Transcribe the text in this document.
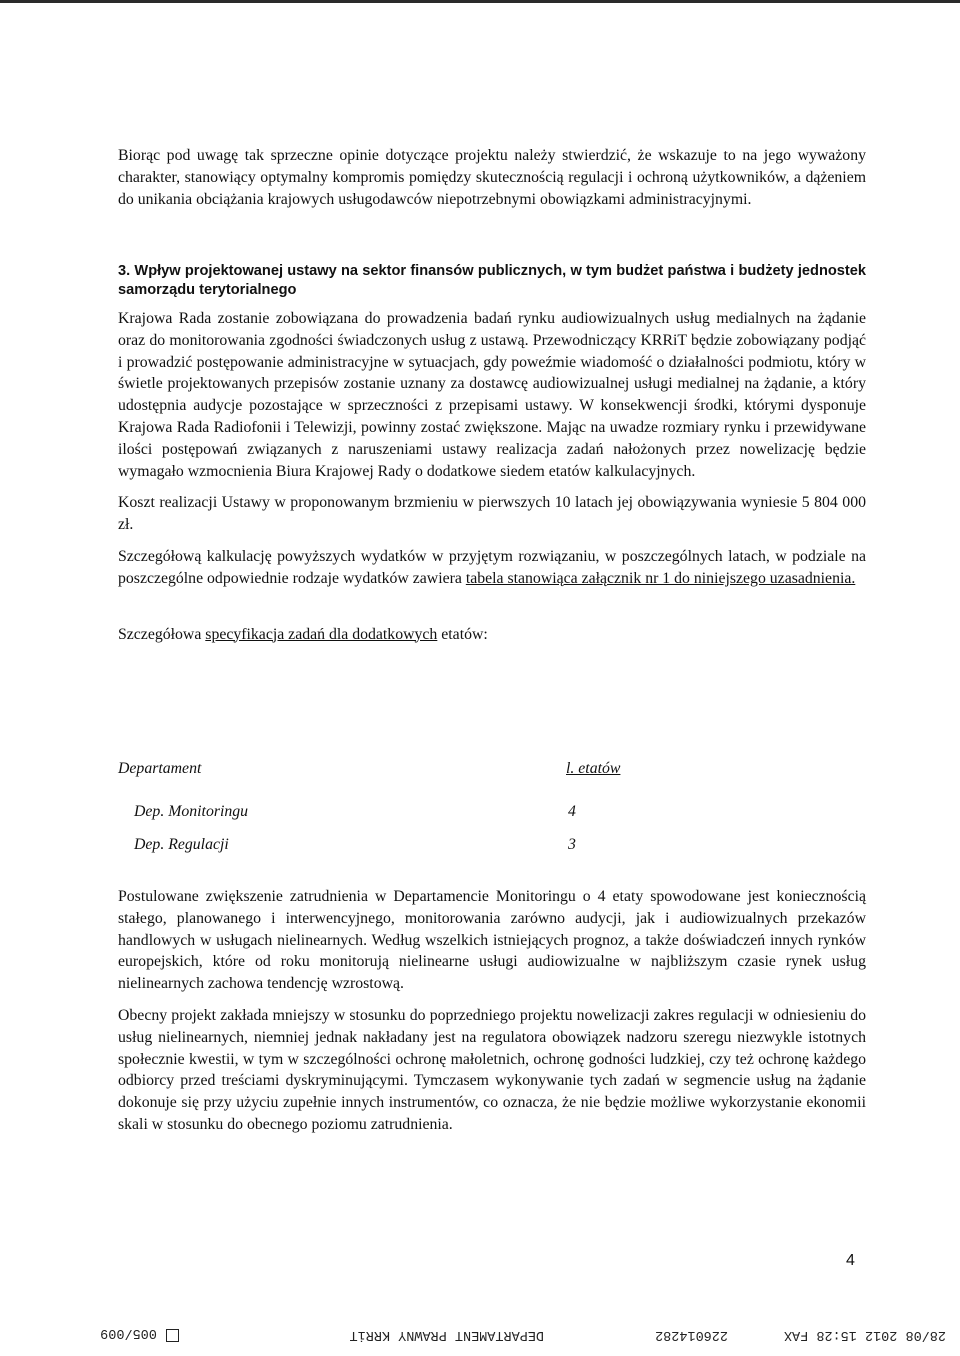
Biorąc pod uwagę tak sprzeczne opinie dotyczące projektu należy stwierdzić, że wskazuje to na jego wyważony charakter, stanowiący optymalny kompromis pomiędzy skutecznością regulacji i ochroną użytkowników, a dążeniem do unikania obciążania krajowych usługodawców niepotrzebnymi obowiązkami administracyjnymi.

3. Wpływ projektowanej ustawy na sektor finansów publicznych, w tym budżet państwa i budżety jednostek samorządu terytorialnego

Krajowa Rada zostanie zobowiązana do prowadzenia badań rynku audiowizualnych usług medialnych na żądanie oraz do monitorowania zgodności świadczonych usług z ustawą. Przewodniczący KRRiT będzie zobowiązany podjąć i prowadzić postępowanie administracyjne w sytuacjach, gdy poweźmie wiadomość o działalności podmiotu, który w świetle projektowanych przepisów zostanie uznany za dostawcę audiowizualnej usługi medialnej na żądanie, a który udostępnia audycje pozostające w sprzeczności z przepisami ustawy. W konsekwencji środki, którymi dysponuje Krajowa Rada Radiofonii i Telewizji, powinny zostać zwiększone. Mając na uwadze rozmiary rynku i przewidywane ilości postępowań związanych z naruszeniami ustawy realizacja zadań nałożonych przez nowelizację będzie wymagało wzmocnienia Biura Krajowej Rady o dodatkowe siedem etatów kalkulacyjnych.

Koszt realizacji Ustawy w proponowanym brzmieniu w pierwszych 10 latach jej obowiązywania wyniesie 5 804 000 zł.

Szczegółową kalkulację powyższych wydatków w przyjętym rozwiązaniu, w poszczególnych latach, w podziale na poszczególne odpowiednie rodzaje wydatków zawiera tabela stanowiąca załącznik nr 1 do niniejszego uzasadnienia.

Szczegółowa specyfikacja zadań dla dodatkowych etatów:

Departament	l. etatów
Dep. Monitoringu	4
Dep. Regulacji	3

Postulowane zwiększenie zatrudnienia w Departamencie Monitoringu o 4 etaty spowodowane jest koniecznością stałego, planowanego i interwencyjnego, monitorowania zarówno audycji, jak i audiowizualnych przekazów handlowych w usługach nielinearnych. Według wszelkich istniejących prognoz, a także doświadczeń innych rynków europejskich, które od roku monitorują nielinearne usługi audiowizualne w najbliższym czasie rynek usług nielinearnych zachowa tendencję wzrostową.

Obecny projekt zakłada mniejszy w stosunku do poprzedniego projektu nowelizacji zakres regulacji w odniesieniu do usług nielinearnych, niemniej jednak nakładany jest na regulatora obowiązek nadzoru szeregu niezwykle istotnych społecznie kwestii, w tym w szczególności ochronę małoletnich, ochronę godności ludzkiej, czy też ochronę każdego odbiorcy przed treściami dyskryminującymi. Tymczasem wykonywanie tych zadań w segmencie usług na żądanie dokonuje się przy użyciu zupełnie innych instrumentów, co oznacza, że nie będzie możliwe wykorzystanie ekonomii skali w stosunku do obecnego poziomu zatrudnienia.

4
28/08 2012 15:28 FAX
226014282
DEPARTAMENT PRAWNY KRRiT
005/009
